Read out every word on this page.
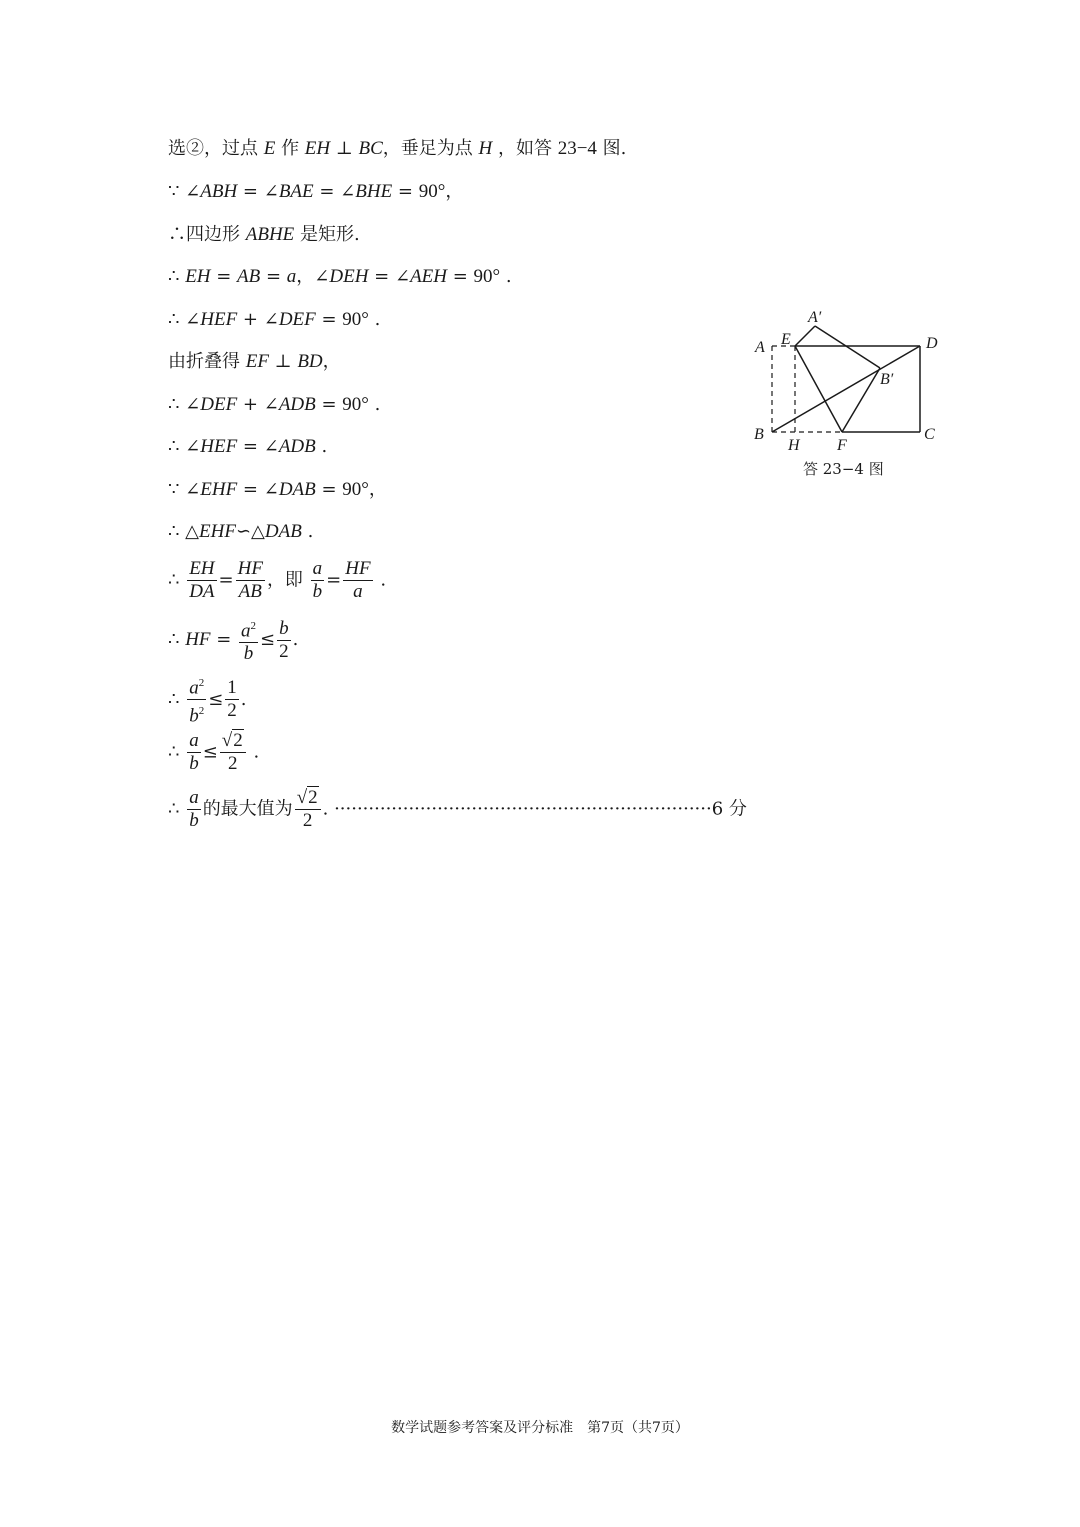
选②，过点 E 作 EH ⊥ BC，垂足为点 H ，如答 23−4 图.
∵ ∠ABH = ∠BAE = ∠BHE = 90°，
∴四边形 ABHE 是矩形.
∴ EH = AB = a，∠DEH = ∠AEH = 90° .
∴ ∠HEF + ∠DEF = 90° .
由折叠得 EF ⊥ BD，
∴ ∠DEF + ∠ADB = 90° .
∴ ∠HEF = ∠ADB .
∵ ∠EHF = ∠DAB = 90°，
∴ △EHF∽△DAB .
∴ $\frac{EH}{DA} = \frac{HF}{AB}$ ，即 $\frac{a}{b} = \frac{HF}{a}$ .
∴ HF = $\frac{a^2}{b} \le \frac{b}{2}$ .
∴ $\frac{a^2}{b^2} \le \frac{1}{2}$ .
∴ $\frac{a}{b} \le \frac{√2}{2}$ .
∴ $\frac{a}{b}$ 的最大值为 $\frac{√2}{2}$ . ··································································6 分
A E
A′
D
B′
B
H F
C
答 23−4 图
数学试题参考答案及评分标准　第7页（共7页）
